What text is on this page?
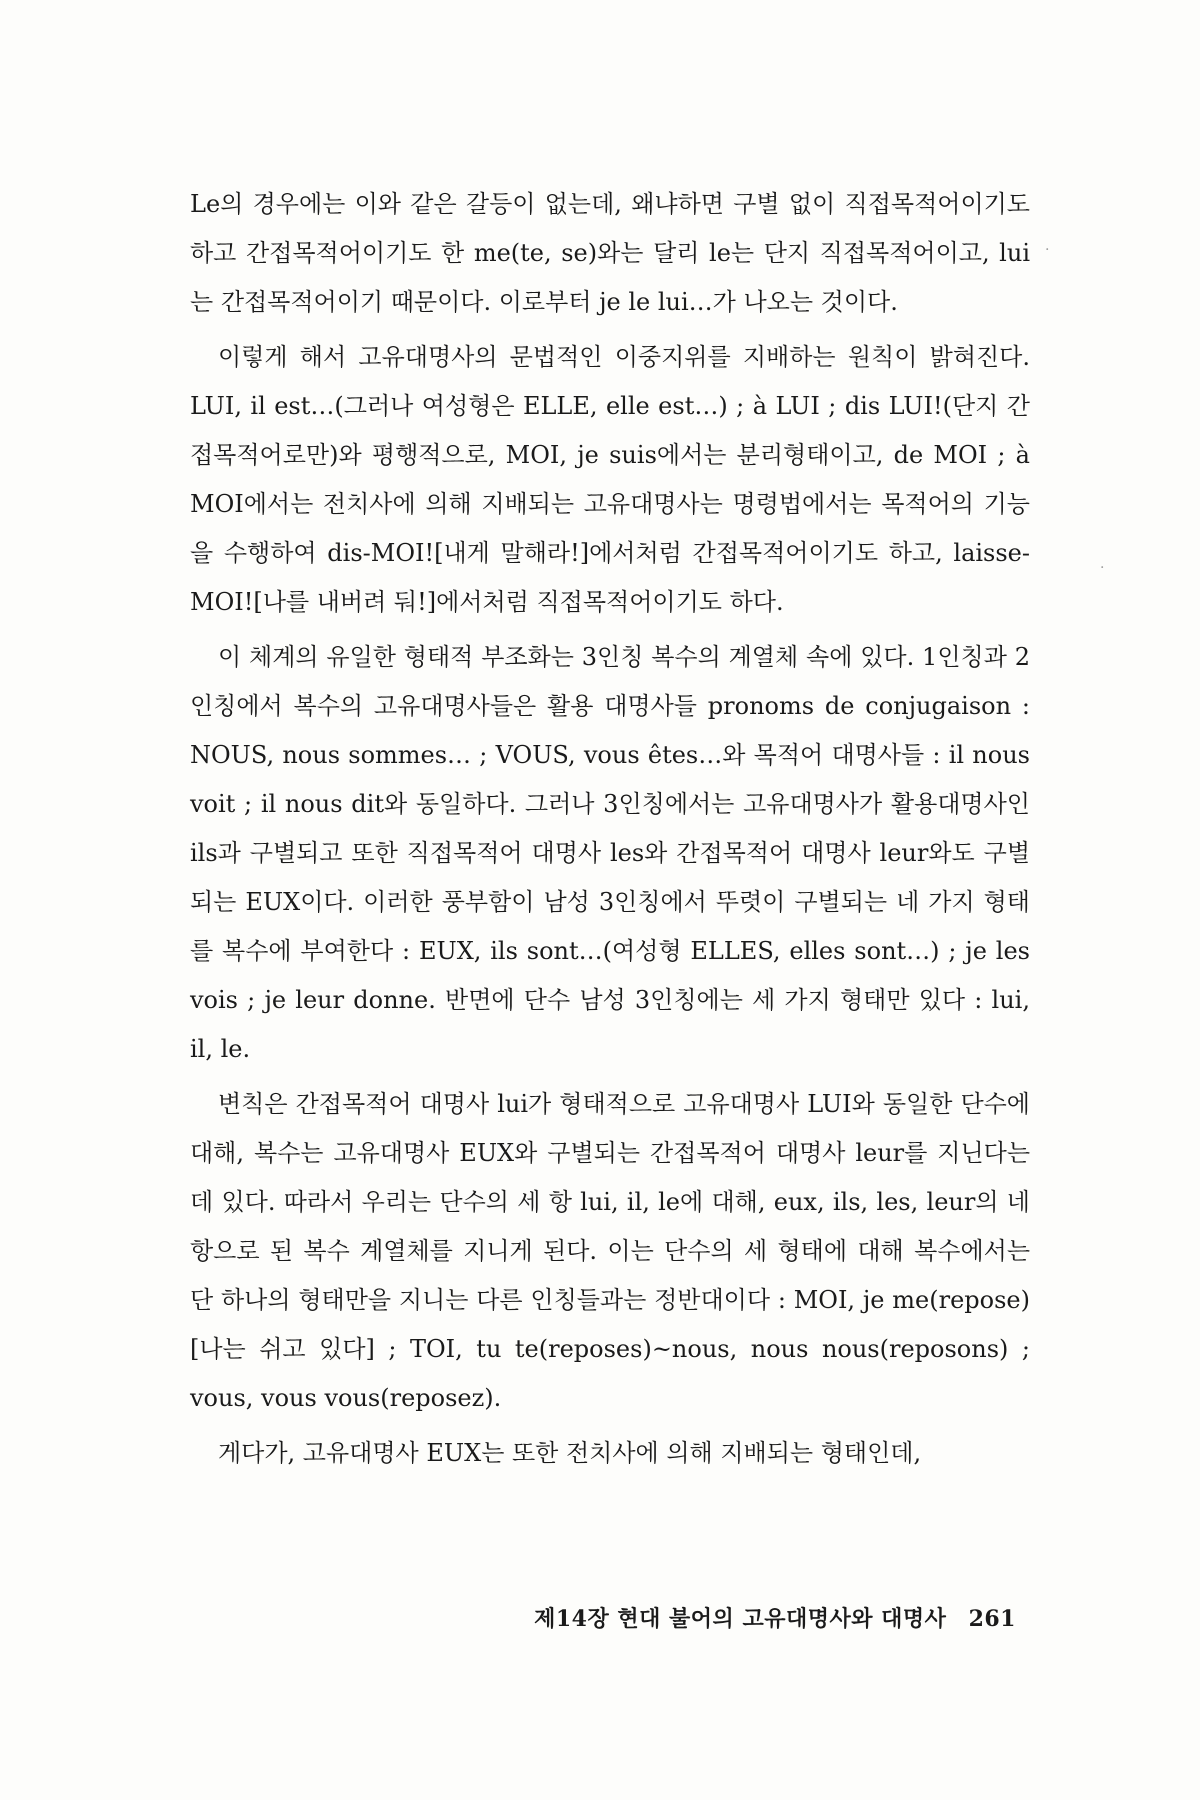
Le의 경우에는 이와 같은 갈등이 없는데, 왜냐하면 구별 없이 직접목적어이기도 하고 간접목적어이기도 한 me(te, se)와는 달리 le는 단지 직접목적어이고, lui는 간접목적어이기 때문이다. 이로부터 je le lui…가 나오는 것이다.

이렇게 해서 고유대명사의 문법적인 이중지위를 지배하는 원칙이 밝혀진다. LUI, il est…(그러나 여성형은 ELLE, elle est…) ; à LUI ; dis LUI!(단지 간접목적어로만)와 평행적으로, MOI, je suis에서는 분리형태이고, de MOI ; à MOI에서는 전치사에 의해 지배되는 고유대명사는 명령법에서는 목적어의 기능을 수행하여 dis-MOI![내게 말해라!]에서처럼 간접목적어이기도 하고, laisse-MOI![나를 내버려 둬!]에서처럼 직접목적어이기도 하다.

이 체계의 유일한 형태적 부조화는 3인칭 복수의 계열체 속에 있다. 1인칭과 2인칭에서 복수의 고유대명사들은 활용 대명사들 pronoms de conjugaison : NOUS, nous sommes… ; VOUS, vous êtes…와 목적어 대명사들 : il nous voit ; il nous dit와 동일하다. 그러나 3인칭에서는 고유대명사가 활용대명사인 ils과 구별되고 또한 직접목적어 대명사 les와 간접목적어 대명사 leur와도 구별되는 EUX이다. 이러한 풍부함이 남성 3인칭에서 뚜렷이 구별되는 네 가지 형태를 복수에 부여한다 : EUX, ils sont…(여성형 ELLES, elles sont…) ; je les vois ; je leur donne. 반면에 단수 남성 3인칭에는 세 가지 형태만 있다 : lui, il, le.

변칙은 간접목적어 대명사 lui가 형태적으로 고유대명사 LUI와 동일한 단수에 대해, 복수는 고유대명사 EUX와 구별되는 간접목적어 대명사 leur를 지닌다는 데 있다. 따라서 우리는 단수의 세 항 lui, il, le에 대해, eux, ils, les, leur의 네 항으로 된 복수 계열체를 지니게 된다. 이는 단수의 세 형태에 대해 복수에서는 단 하나의 형태만을 지니는 다른 인칭들과는 정반대이다 : MOI, je me(repose)[나는 쉬고 있다] ; TOI, tu te(reposes)~nous, nous nous(reposons) ; vous, vous vous(reposez).

게다가, 고유대명사 EUX는 또한 전치사에 의해 지배되는 형태인데,

.
·
제14장 현대 불어의 고유대명사와 대명사 261
